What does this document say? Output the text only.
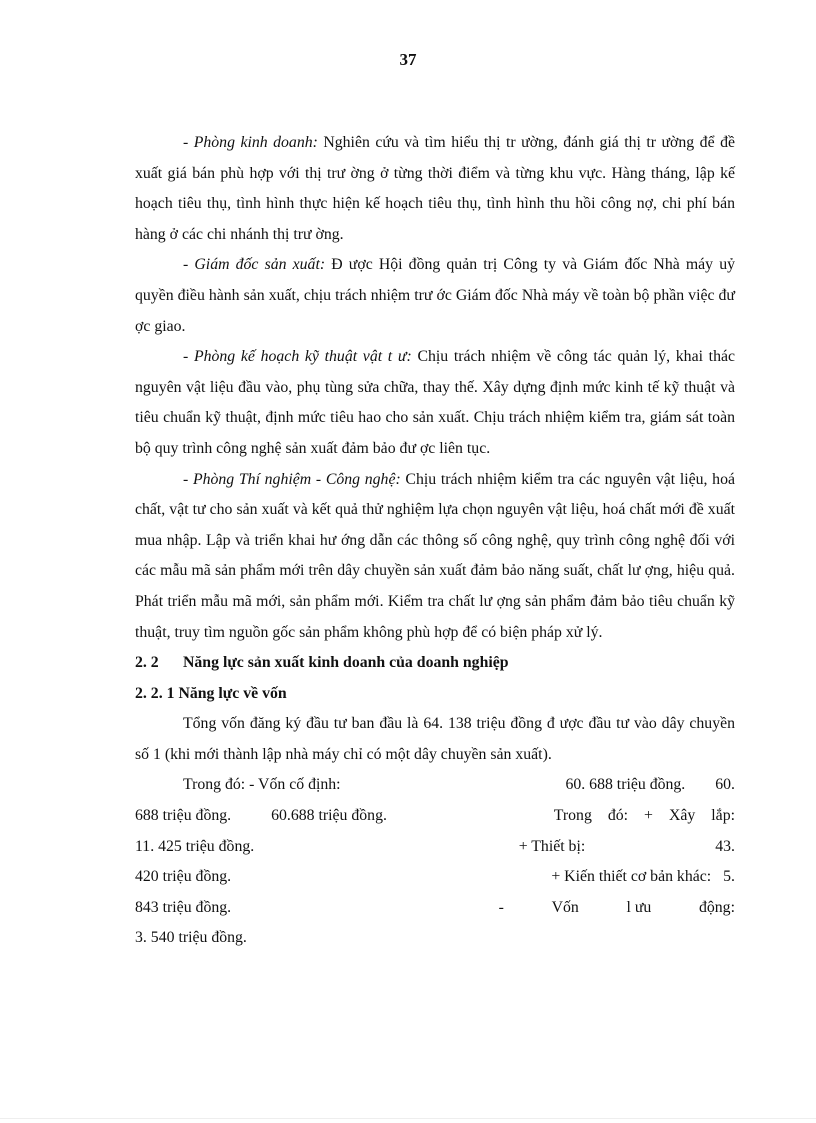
37

- Phòng kinh doanh: Nghiên cứu và tìm hiểu thị tr ường, đánh giá thị tr ường để đề xuất giá bán phù hợp với thị trư ờng ở từng thời điểm và từng khu vực. Hàng tháng, lập kế hoạch tiêu thụ, tình hình thực hiện kế hoạch tiêu thụ, tình hình thu hồi công nợ, chi phí bán hàng ở các chi nhánh thị trư ờng.

- Giám đốc sản xuất: Đ ược Hội đồng quản trị Công ty và Giám đốc Nhà máy uỷ quyền điều hành sản xuất, chịu trách nhiệm trư ớc Giám đốc Nhà máy về toàn bộ phần việc đư ợc giao.

- Phòng kế hoạch kỹ thuật vật t ư: Chịu trách nhiệm về công tác quản lý, khai thác nguyên vật liệu đầu vào, phụ tùng sửa chữa, thay thế. Xây dựng định mức kinh tế kỹ thuật và tiêu chuẩn kỹ thuật, định mức tiêu hao cho sản xuất. Chịu trách nhiệm kiểm tra, giám sát toàn bộ quy trình công nghệ sản xuất đảm bảo đư ợc liên tục.

- Phòng Thí nghiệm - Công nghệ: Chịu trách nhiệm kiểm tra các nguyên vật liệu, hoá chất, vật tư cho sản xuất và kết quả thử nghiệm lựa chọn nguyên vật liệu, hoá chất mới đề xuất mua nhập. Lập và triển khai hư ớng dẫn các thông số công nghệ, quy trình công nghệ đối với các mẫu mã sản phẩm mới trên dây chuyền sản xuất đảm bảo năng suất, chất lư ợng, hiệu quả. Phát triển mẫu mã mới, sản phẩm mới. Kiểm tra chất lư ợng sản phẩm đảm bảo tiêu chuẩn kỹ thuật, truy tìm nguồn gốc sản phẩm không phù hợp để có biện pháp xử lý.

2. 2 Năng lực sản xuất kinh doanh của doanh nghiệp

2. 2. 1 Năng lực về vốn

Tổng vốn đăng ký đầu tư ban đầu là 64. 138 triệu đồng đ ược đầu tư vào dây chuyền số 1 (khi mới thành lập nhà máy chỉ có một dây chuyền sản xuất).

Trong đó: - Vốn cố định:	60. 688 triệu đồng. 60.
688 triệu đồng.	60.688 triệu đồng.	Trong đó: + Xây lắp:
11. 425 triệu đồng.	+ Thiết bị:	43.
420 triệu đồng.	+ Kiến thiết cơ bản khác: 5.
843 triệu đồng.	-	Vốn	l ưu	động:
3. 540 triệu đồng.
